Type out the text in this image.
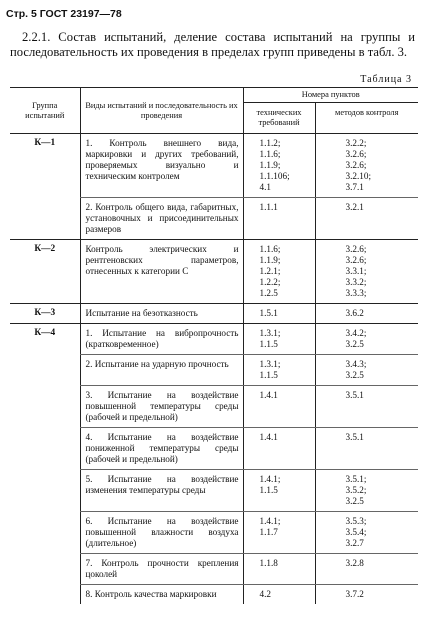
Стр. 5 ГОСТ 23197—78
2.2.1. Состав испытаний, деление состава испытаний на группы и последовательность их проведения в пределах групп приведены в табл. 3.
Таблица 3
Группа испытаний	Виды испытаний и последовательность их проведения	Номера пунктов	
		технических требований	методов контроля
К—1	1. Контроль внешнего вида, маркировки и других требований, проверяемых визуально и техническим контролем	1.1.2;
1.1.6;
1.1.9;
1.1.106;
4.1	3.2.2;
3.2.6;
3.2.6;
3.2.10;
3.7.1

	2. Контроль общего вида, габаритных, установочных и присоединительных размеров	1.1.1	3.2.1

К—2	Контроль электрических и рентгеновских параметров, отнесенных к категории С	1.1.6;
1.1.9;
1.2.1;
1.2.2;
1.2.5	3.2.6;
3.2.6;
3.3.1;
3.3.2;
3.3.3;

К—3	Испытание на безотказность	1.5.1	3.6.2

К—4	1. Испытание на вибропрочность (кратковременное)	1.3.1;
1.1.5	3.4.2;
3.2.5

	2. Испытание на ударную прочность	1.3.1;
1.1.5	3.4.3;
3.2.5

	3. Испытание на воздействие повышенной температуры среды (рабочей и предельной)	1.4.1	3.5.1

	4. Испытание на воздействие пониженной температуры среды (рабочей и предельной)	1.4.1	3.5.1

	5. Испытание на воздействие изменения температуры среды	1.4.1;
1.1.5	3.5.1;
3.5.2;
3.2.5

	6. Испытание на воздействие повышенной влажности воздуха (длительное)	1.4.1;
1.1.7	3.5.3;
3.5.4;
3.2.7

	7. Контроль прочности крепления цоколей	1.1.8	3.2.8

	8. Контроль качества маркировки	4.2	3.7.2
